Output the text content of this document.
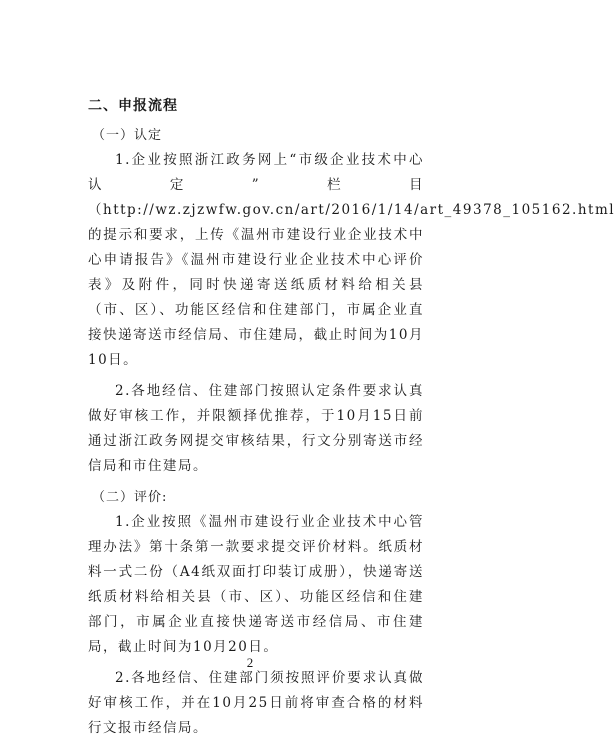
二、申报流程
（一）认定

1.企业按照浙江政务网上“市级企业技术中心认定”栏目（http://wz.zjzwfw.gov.cn/art/2016/1/14/art_49378_105162.html的提示和要求，上传《温州市建设行业企业技术中心申请报告》《温州市建设行业企业技术中心评价表》及附件，同时快递寄送纸质材料给相关县（市、区）、功能区经信和住建部门，市属企业直接快递寄送市经信局、市住建局，截止时间为10月10日。

2.各地经信、住建部门按照认定条件要求认真做好审核工作，并限额择优推荐，于10月15日前通过浙江政务网提交审核结果，行文分别寄送市经信局和市住建局。

（二）评价:

1.企业按照《温州市建设行业企业技术中心管理办法》第十条第一款要求提交评价材料。纸质材料一式二份（A4纸双面打印装订成册），快递寄送纸质材料给相关县（市、区）、功能区经信和住建部门，市属企业直接快递寄送市经信局、市住建局，截止时间为10月20日。

2.各地经信、住建部门须按照评价要求认真做好审核工作，并在10月25日前将审查合格的材料行文报市经信局。

2
